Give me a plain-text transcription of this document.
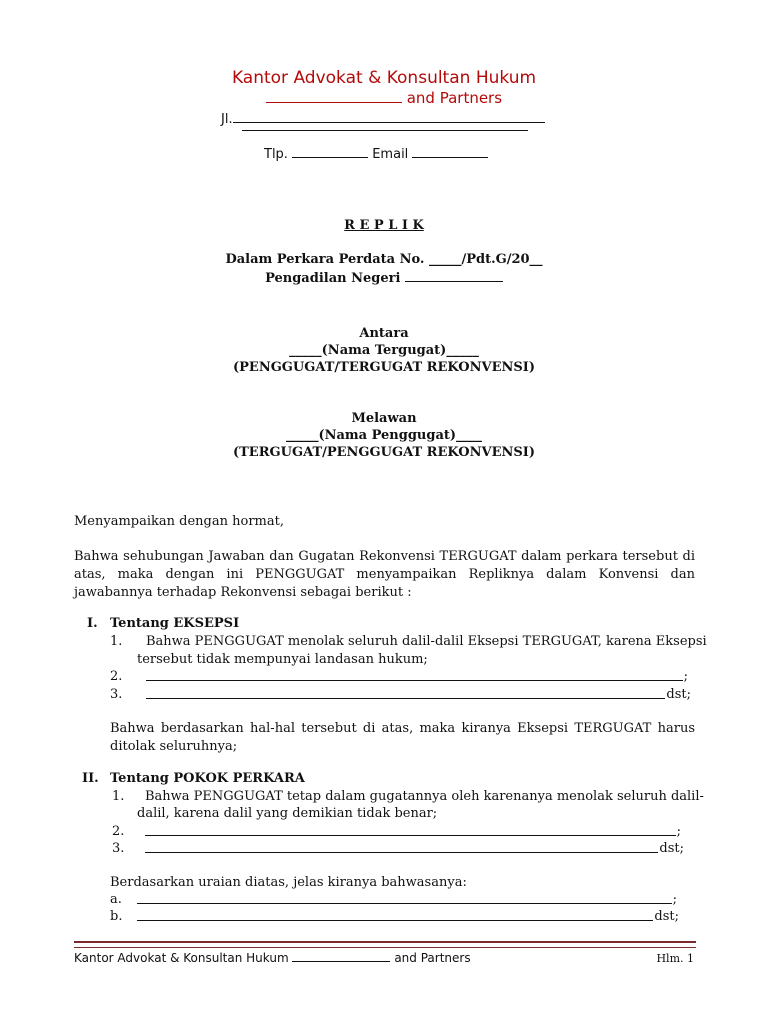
Kantor Advokat & Konsultan Hukum
and Partners
Jl.
Tlp.	Email
R E P L I K
Dalam Perkara Perdata No. _____/Pdt.G/20__
Pengadilan Negeri
Antara
_____(Nama Tergugat)_____
(PENGGUGAT/TERGUGAT REKONVENSI)
Melawan
_____(Nama Penggugat)____
(TERGUGAT/PENGGUGAT REKONVENSI)
Menyampaikan dengan hormat,
Bahwa sehubungan Jawaban dan Gugatan Rekonvensi TERGUGAT dalam perkara tersebut di atas, maka dengan ini PENGGUGAT menyampaikan Repliknya dalam Konvensi dan jawabannya terhadap Rekonvensi sebagai berikut :
I. Tentang EKSEPSI
1. Bahwa PENGGUGAT menolak seluruh dalil-dalil Eksepsi TERGUGAT, karena Eksepsi
tersebut tidak mempunyai landasan hukum;
2.	;
3.	dst;
Bahwa berdasarkan hal-hal tersebut di atas, maka kiranya Eksepsi TERGUGAT harus ditolak seluruhnya;
II. Tentang POKOK PERKARA
1. Bahwa PENGGUGAT tetap dalam gugatannya oleh karenanya menolak seluruh dalil-
dalil, karena dalil yang demikian tidak benar;
2.	;
3.	dst;
Berdasarkan uraian diatas, jelas kiranya bahwasanya:
a.	;
b.	dst;
Kantor Advokat & Konsultan Hukum	and Partners	Hlm. 1
